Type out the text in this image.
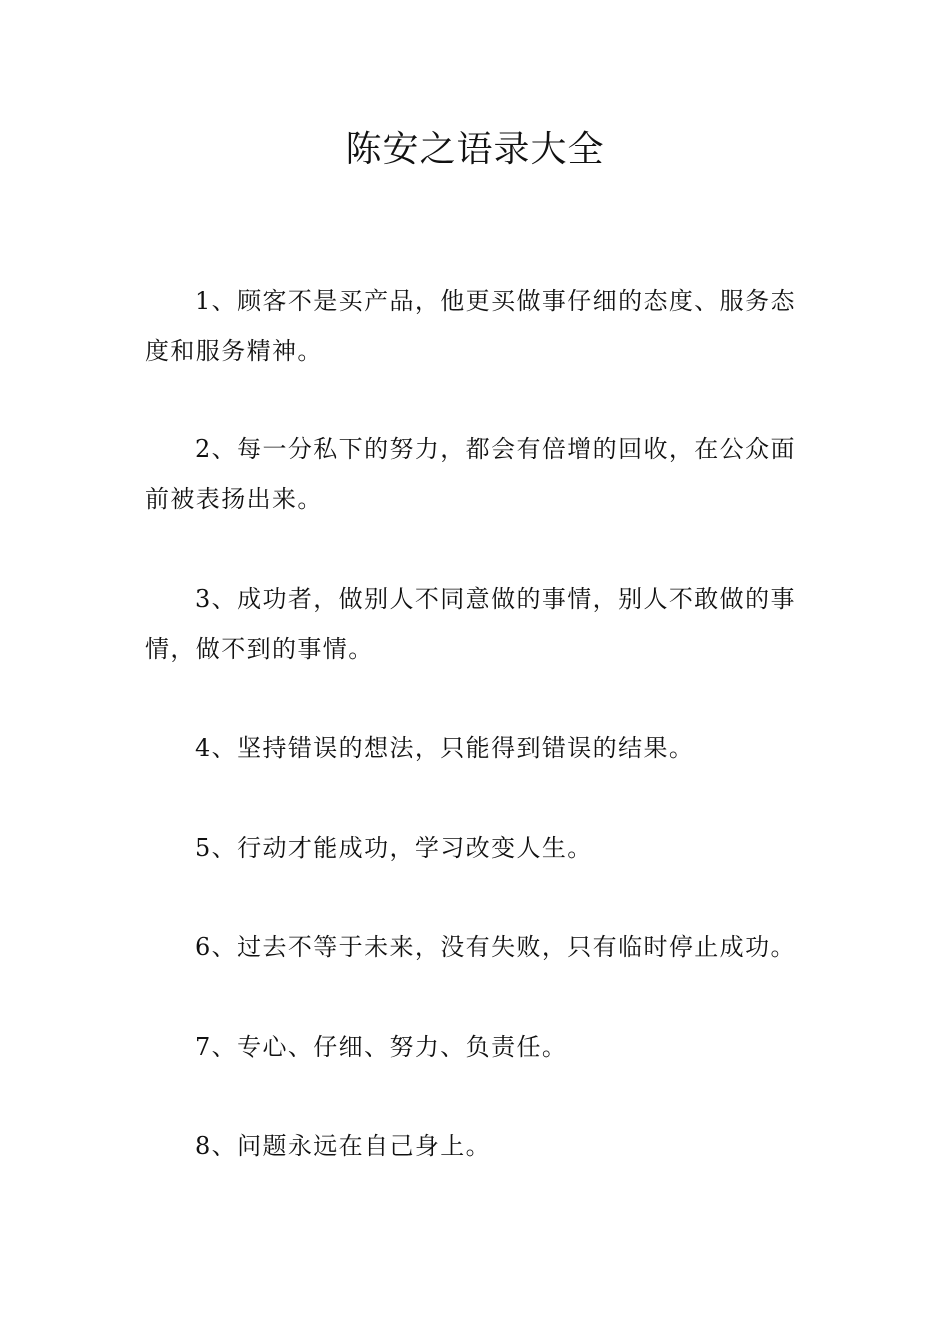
陈安之语录大全

1、顾客不是买产品，他更买做事仔细的态度、服务态度和服务精神。

2、每一分私下的努力，都会有倍增的回收，在公众面前被表扬出来。

3、成功者，做别人不同意做的事情，别人不敢做的事情，做不到的事情。

4、坚持错误的想法，只能得到错误的结果。

5、行动才能成功，学习改变人生。

6、过去不等于未来，没有失败，只有临时停止成功。

7、专心、仔细、努力、负责任。

8、问题永远在自己身上。
